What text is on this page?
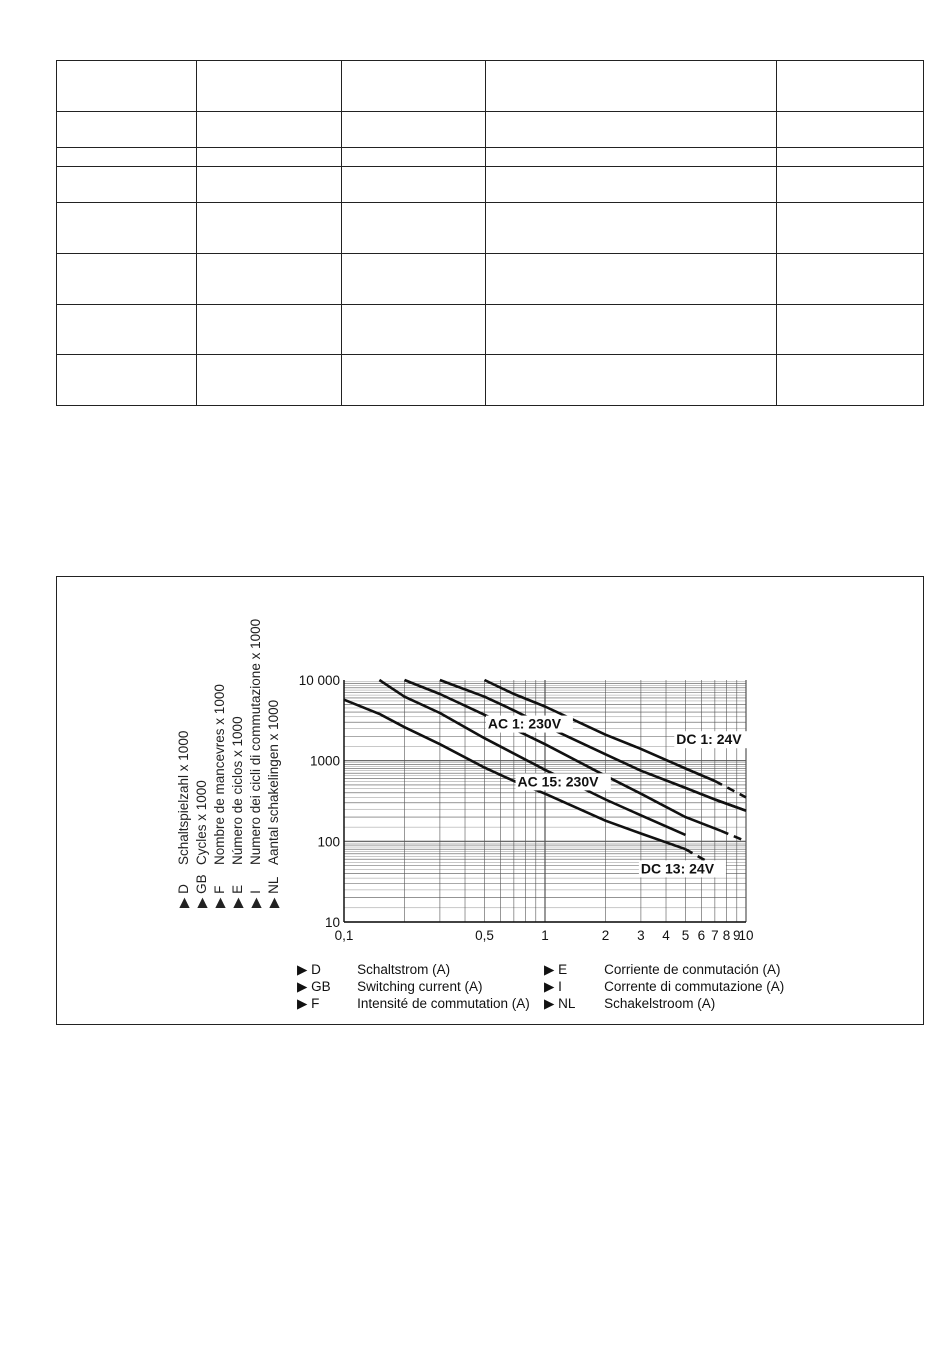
0,1	0,5	1	2 3 4 5 6 7 8 9
10
10
100
1000
10 000
AC 1: 230V
DC 1: 24V
AC 15: 230V
DC 13: 24V
▶ D
Schaltspielzahl x 1000
▶ GB
Cycles x 1000
▶ F
Nombre de mancevres x 1000
▶ E
Número de ciclos x 1000
▶ I
Numero dei cicli di commutazione x 1000
▶ NL
Aantal schakelingen x 1000
▶ D	Schaltstrom (A)
▶ GB Switching current (A)
▶ F	Intensité de commutation (A)
▶ E	Corriente de conmutación (A)
▶ I	Corrente di commutazione (A)
▶ NL Schakelstroom (A)
